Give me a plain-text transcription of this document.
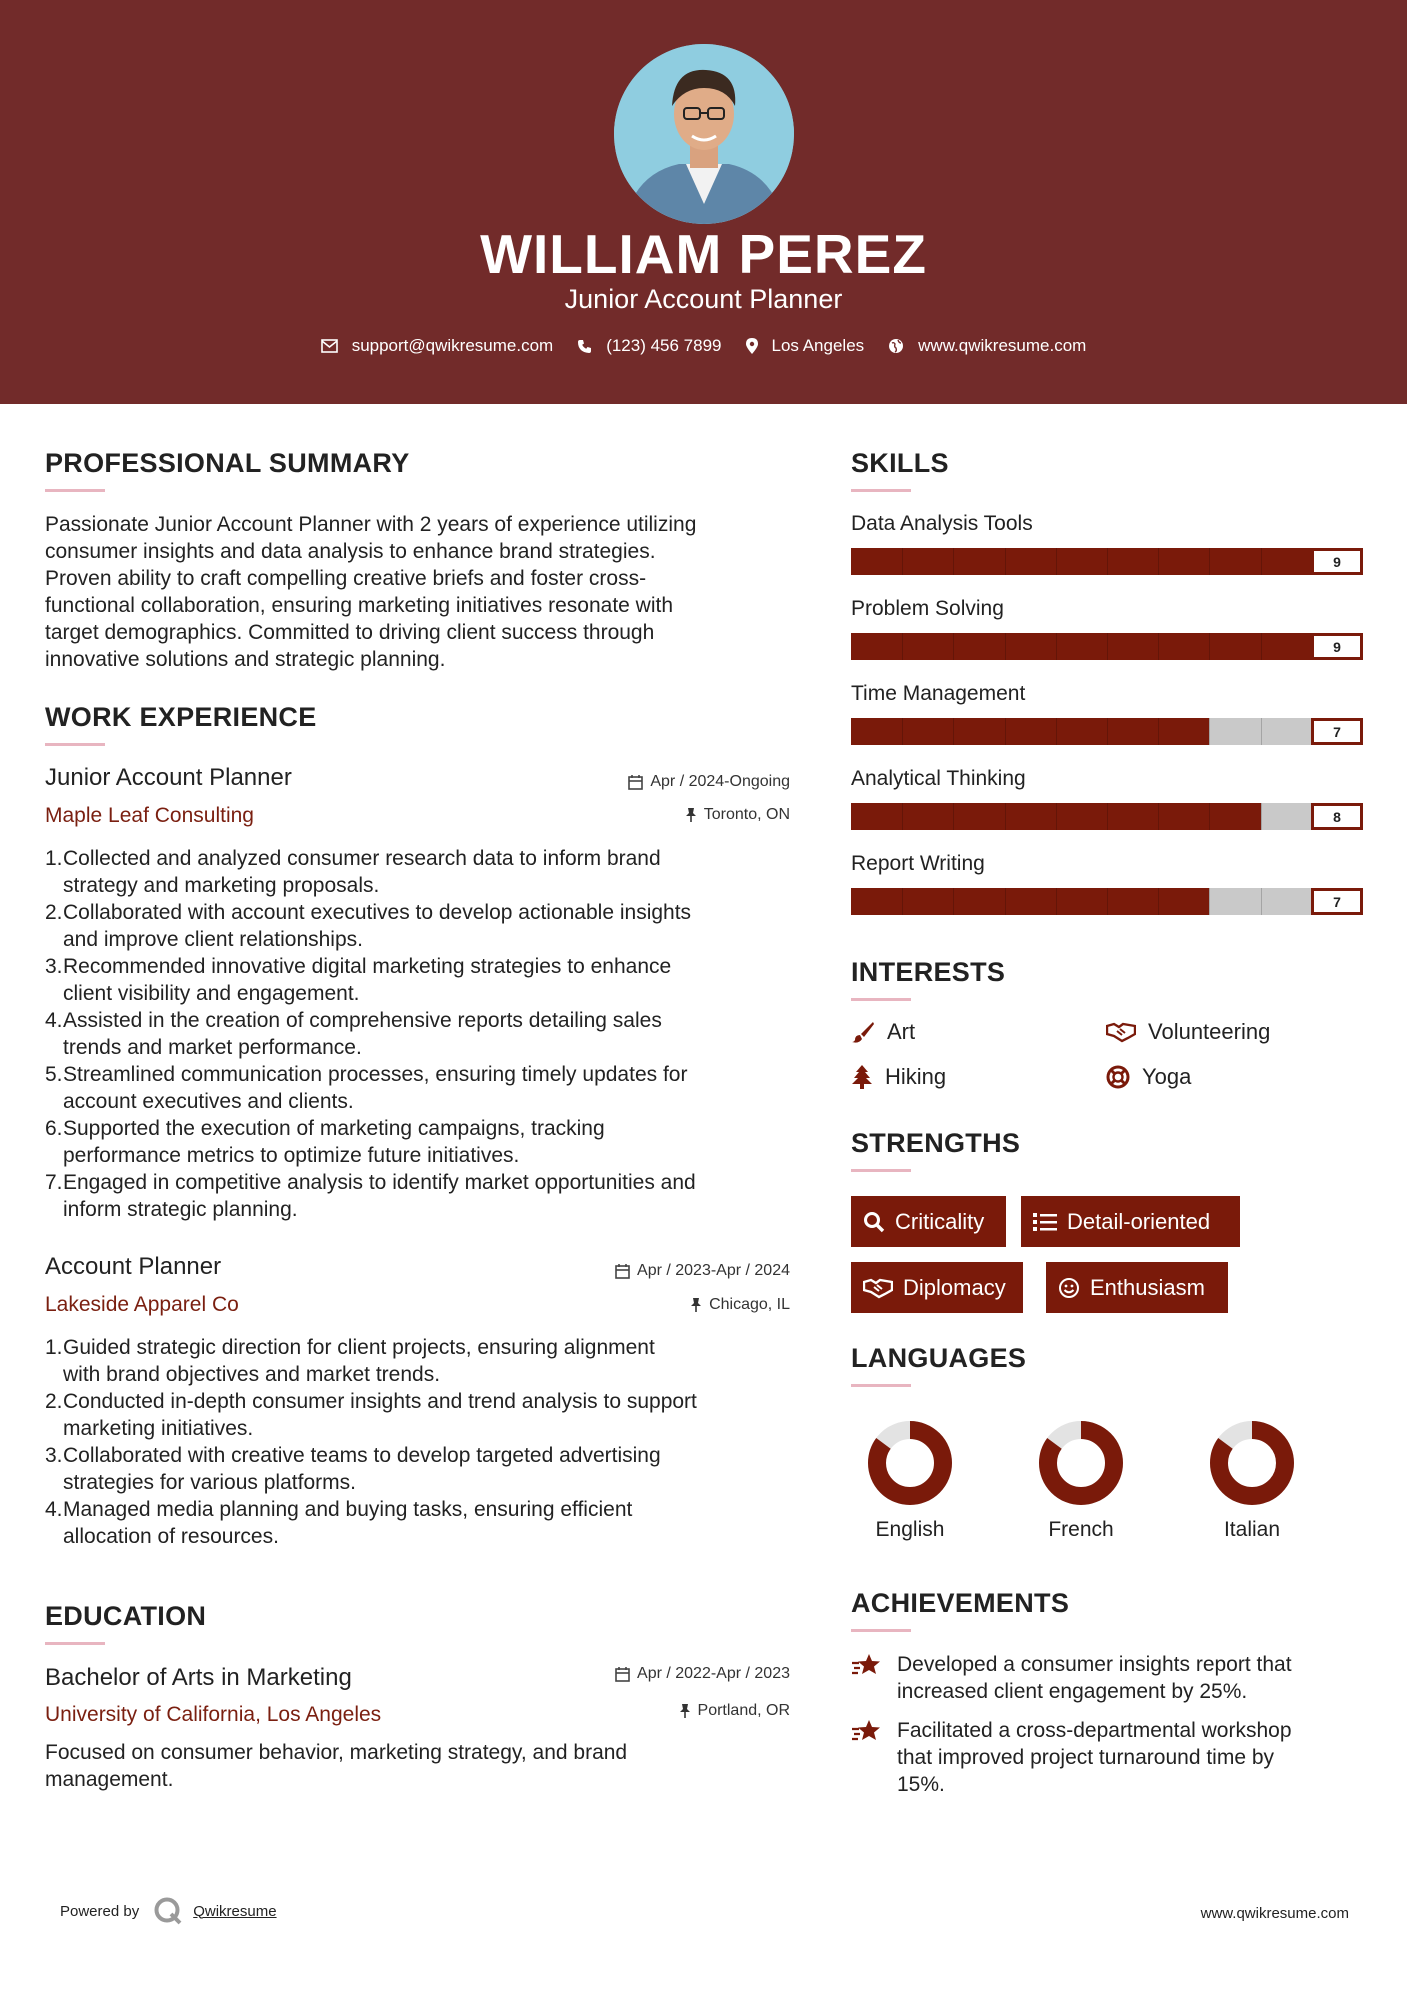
WILLIAM PEREZ
Junior Account Planner
support@qwikresume.com	(123) 456 7899	Los Angeles	www.qwikresume.com
PROFESSIONAL SUMMARY
Passionate Junior Account Planner with 2 years of experience utilizing
consumer insights and data analysis to enhance brand strategies.
Proven ability to craft compelling creative briefs and foster cross-
functional collaboration, ensuring marketing initiatives resonate with
target demographics. Committed to driving client success through
innovative solutions and strategic planning.
WORK EXPERIENCE
Junior Account Planner	Apr / 2024-Ongoing
Maple Leaf Consulting	Toronto, ON
1. Collected and analyzed consumer research data to inform brand
strategy and marketing proposals.
2. Collaborated with account executives to develop actionable insights
and improve client relationships.
3. Recommended innovative digital marketing strategies to enhance
client visibility and engagement.
4. Assisted in the creation of comprehensive reports detailing sales
trends and market performance.
5. Streamlined communication processes, ensuring timely updates for
account executives and clients.
6. Supported the execution of marketing campaigns, tracking
performance metrics to optimize future initiatives.
7. Engaged in competitive analysis to identify market opportunities and
inform strategic planning.
Account Planner	Apr / 2023-Apr / 2024
Lakeside Apparel Co	Chicago, IL
1. Guided strategic direction for client projects, ensuring alignment
with brand objectives and market trends.
2. Conducted in-depth consumer insights and trend analysis to support
marketing initiatives.
3. Collaborated with creative teams to develop targeted advertising
strategies for various platforms.
4. Managed media planning and buying tasks, ensuring efficient
allocation of resources.
EDUCATION
Bachelor of Arts in Marketing	Apr / 2022-Apr / 2023
University of California, Los Angeles	Portland, OR
Focused on consumer behavior, marketing strategy, and brand
management.
SKILLS
Data Analysis Tools
9
Problem Solving
9
Time Management
7
Analytical Thinking
8
Report Writing
7
INTERESTS
Art	Volunteering
Hiking	Yoga
STRENGTHS
Criticality	Detail-oriented
Diplomacy	Enthusiasm
LANGUAGES
English	French	Italian
ACHIEVEMENTS
Developed a consumer insights report that
increased client engagement by 25%.
Facilitated a cross-departmental workshop
that improved project turnaround time by
15%.
Powered by	Qwikresume	www.qwikresume.com
